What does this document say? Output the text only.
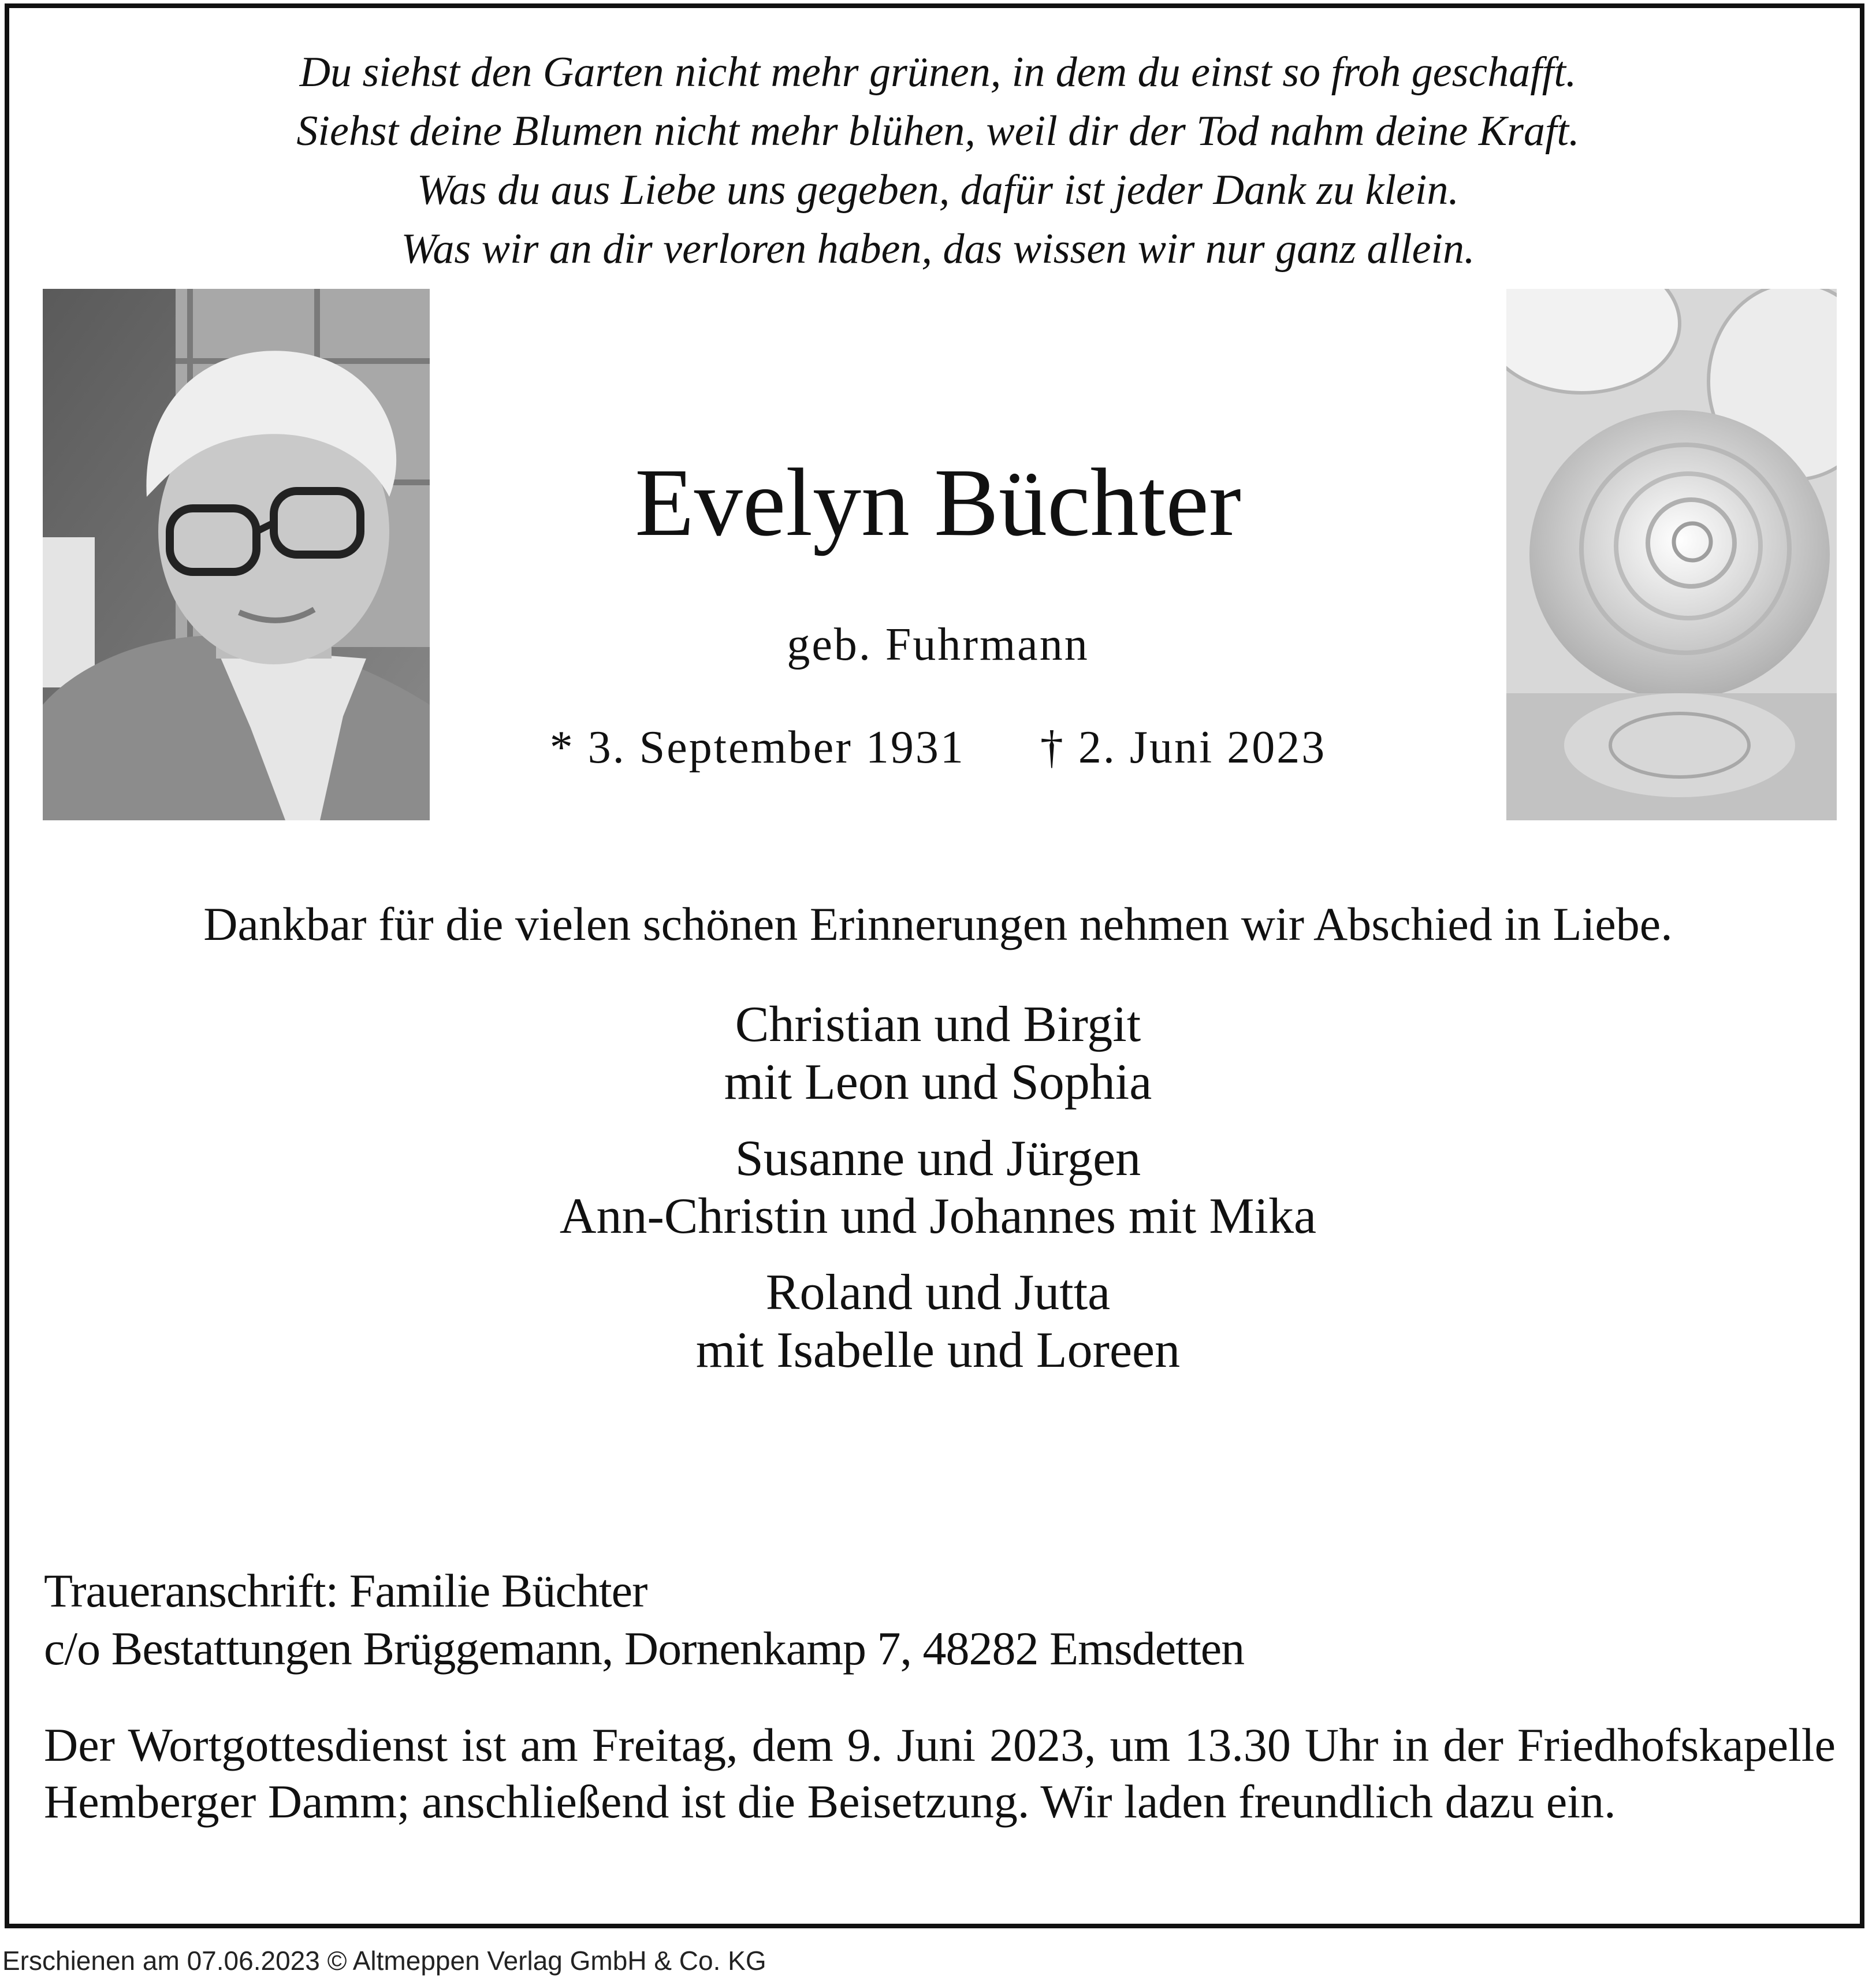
Du siehst den Garten nicht mehr grünen, in dem du einst so froh geschafft.
Siehst deine Blumen nicht mehr blühen, weil dir der Tod nahm deine Kraft.
Was du aus Liebe uns gegeben, dafür ist jeder Dank zu klein.
Was wir an dir verloren haben, das wissen wir nur ganz allein.
Evelyn Büchter
geb. Fuhrmann
* 3. September 1931 † 2. Juni 2023
Dankbar für die vielen schönen Erinnerungen nehmen wir Abschied in Liebe.
Christian und Birgit
mit Leon und Sophia
Susanne und Jürgen
Ann-Christin und Johannes mit Mika
Roland und Jutta
mit Isabelle und Loreen
Traueranschrift: Familie Büchter
c/o Bestattungen Brüggemann, Dornenkamp 7, 48282 Emsdetten
Der Wortgottesdienst ist am Freitag, dem 9. Juni 2023, um 13.30 Uhr in der Friedhofskapelle Hemberger Damm; anschließend ist die Beisetzung. Wir laden freundlich dazu ein.
Erschienen am 07.06.2023 © Altmeppen Verlag GmbH & Co. KG
